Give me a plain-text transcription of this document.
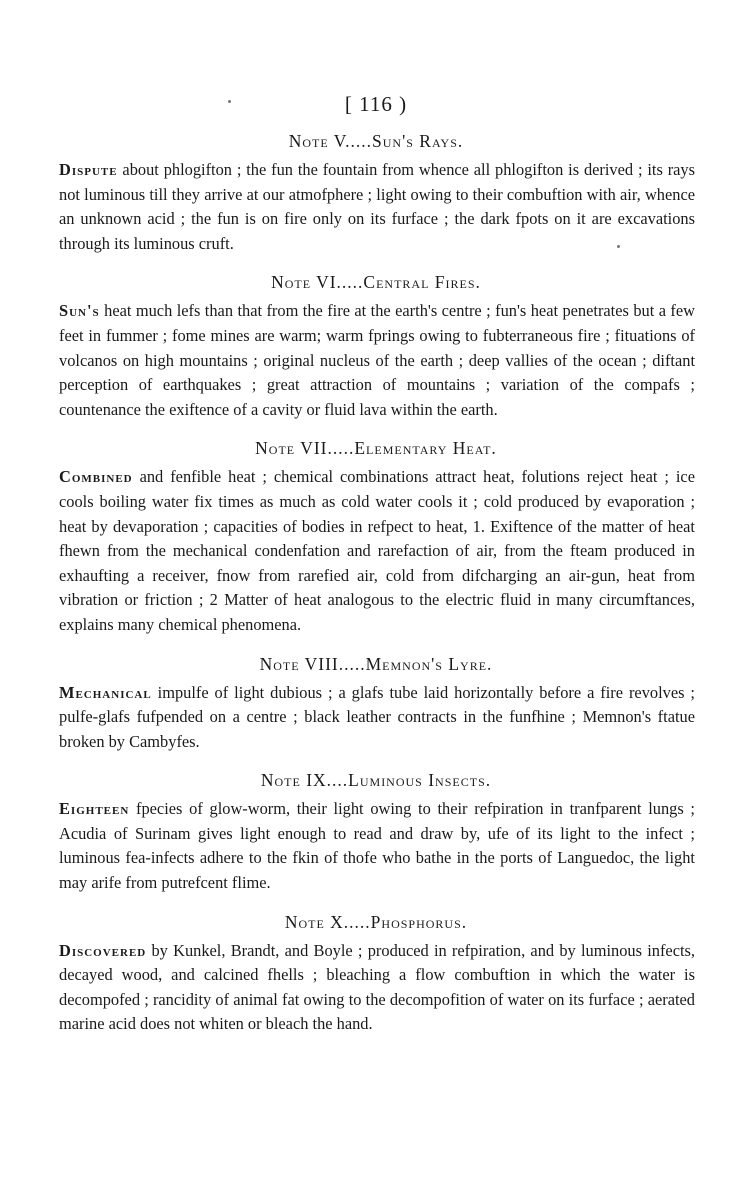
[ 116 )
Note V.....Sun's Rays.

Dispute about phlogifton ; the fun the fountain from whence all phlogifton is derived ; its rays not luminous till they arrive at our atmofphere ; light owing to their combuftion with air, whence an unknown acid ; the fun is on fire only on its furface ; the dark fpots on it are excavations through its luminous cruft.

Note VI.....Central Fires.

Sun's heat much lefs than that from the fire at the earth's centre ; fun's heat penetrates but a few feet in fummer ; fome mines are warm; warm fprings owing to fubterraneous fire ; fituations of volcanos on high mountains ; original nucleus of the earth ; deep vallies of the ocean ; diftant perception of earthquakes ; great attraction of mountains ; variation of the compafs ; countenance the exiftence of a cavity or fluid lava within the earth.

Note VII.....Elementary Heat.

Combined and fenfible heat ; chemical combinations attract heat, folutions reject heat ; ice cools boiling water fix times as much as cold water cools it ; cold produced by evaporation ; heat by devaporation ; capacities of bodies in refpect to heat, 1. Exiftence of the matter of heat fhewn from the mechanical condenfation and rarefaction of air, from the fteam produced in exhaufting a receiver, fnow from rarefied air, cold from difcharging an air-gun, heat from vibration or friction ; 2 Matter of heat analogous to the electric fluid in many circumftances, explains many chemical phenomena.

Note VIII.....Memnon's Lyre.

Mechanical impulfe of light dubious ; a glafs tube laid horizontally before a fire revolves ; pulfe-glafs fufpended on a centre ; black leather contracts in the funfhine ; Memnon's ftatue broken by Cambyfes.

Note IX....Luminous Insects.

Eighteen fpecies of glow-worm, their light owing to their refpiration in tranfparent lungs ; Acudia of Surinam gives light enough to read and draw by, ufe of its light to the infect ; luminous fea-infects adhere to the fkin of thofe who bathe in the ports of Languedoc, the light may arife from putrefcent flime.

Note X.....Phosphorus.

Discovered by Kunkel, Brandt, and Boyle ; produced in refpiration, and by luminous infects, decayed wood, and calcined fhells ; bleaching a flow combuftion in which the water is decompofed ; rancidity of animal fat owing to the decompofition of water on its furface ; aerated marine acid does not whiten or bleach the hand.
